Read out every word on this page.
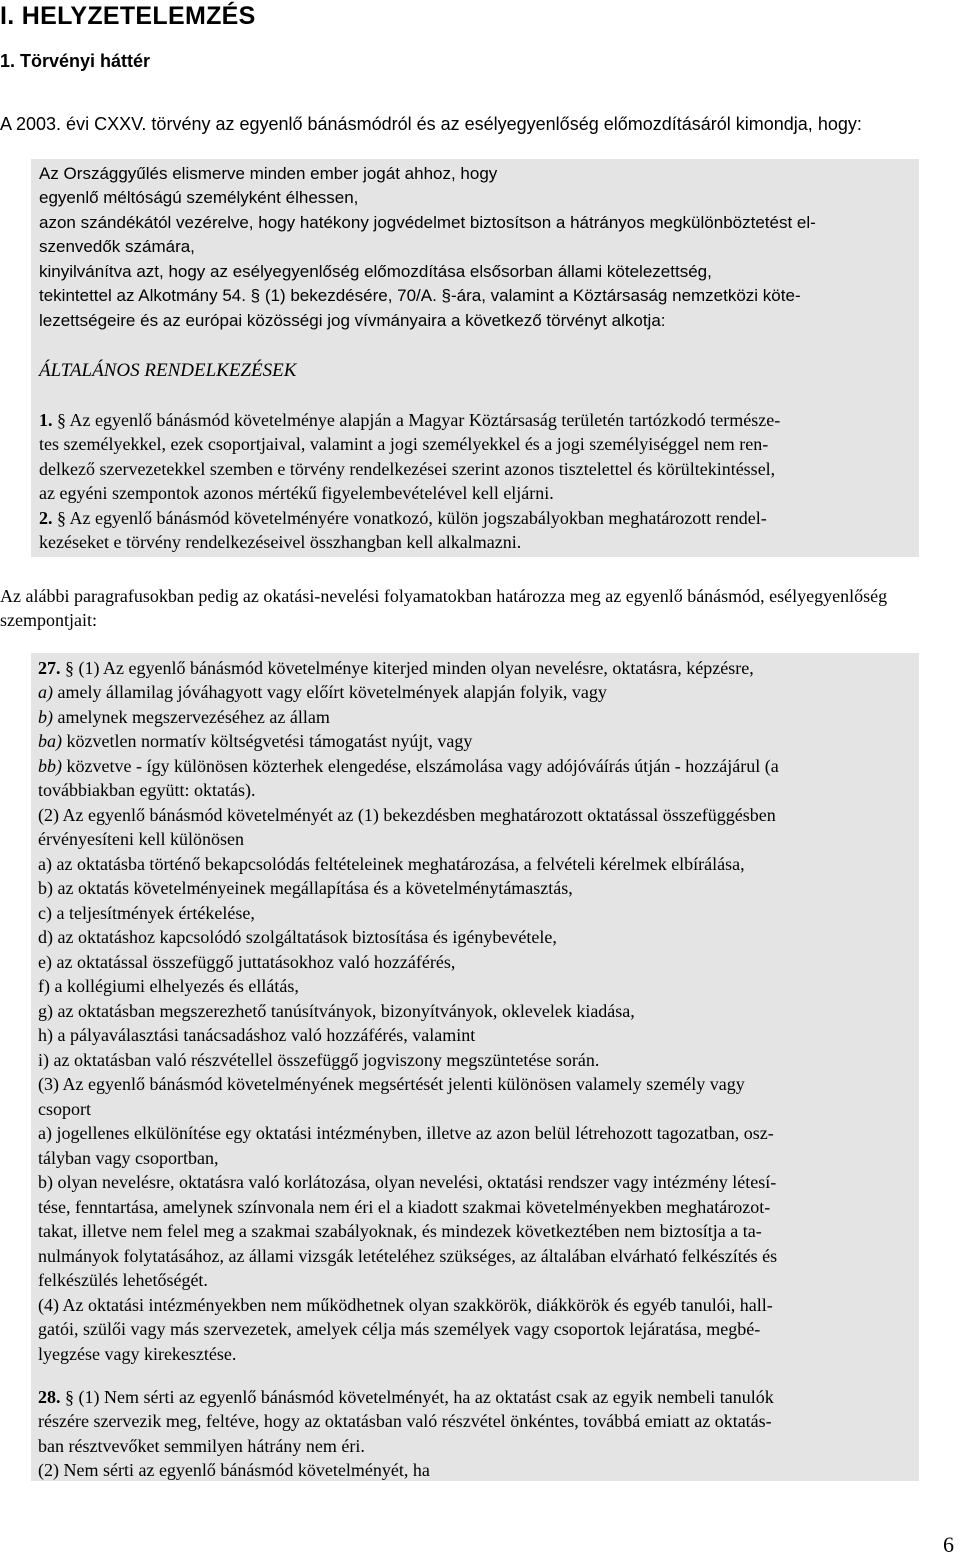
I. HELYZETELEMZÉS
1. Törvényi háttér
A 2003. évi CXXV. törvény az egyenlő bánásmódról és az esélyegyenlőség előmozdításáról kimondja, hogy:
Az Országgyűlés elismerve minden ember jogát ahhoz, hogy
egyenlő méltóságú személyként élhessen,
azon szándékától vezérelve, hogy hatékony jogvédelmet biztosítson a hátrányos megkülönböztetést el-
szenvedők számára,
kinyilvánítva azt, hogy az esélyegyenlőség előmozdítása elsősorban állami kötelezettség,
tekintettel az Alkotmány 54. § (1) bekezdésére, 70/A. §-ára, valamint a Köztársaság nemzetközi köte-
lezettségeire és az európai közösségi jog vívmányaira a következő törvényt alkotja:
ÁLTALÁNOS RENDELKEZÉSEK
1. § Az egyenlő bánásmód követelménye alapján a Magyar Köztársaság területén tartózkodó természe-
tes személyekkel, ezek csoportjaival, valamint a jogi személyekkel és a jogi személyiséggel nem ren-
delkező szervezetekkel szemben e törvény rendelkezései szerint azonos tisztelettel és körültekintéssel,
az egyéni szempontok azonos mértékű figyelembevételével kell eljárni.
2. § Az egyenlő bánásmód követelményére vonatkozó, külön jogszabályokban meghatározott rendel-
kezéseket e törvény rendelkezéseivel összhangban kell alkalmazni.
Az alábbi paragrafusokban pedig az okatási-nevelési folyamatokban határozza meg az egyenlő bánásmód, esélyegyenlőség szempontjait:
27. § (1) Az egyenlő bánásmód követelménye kiterjed minden olyan nevelésre, oktatásra, képzésre,
a) amely államilag jóváhagyott vagy előírt követelmények alapján folyik, vagy
b) amelynek megszervezéséhez az állam
ba) közvetlen normatív költségvetési támogatást nyújt, vagy
bb) közvetve - így különösen közterhek elengedése, elszámolása vagy adójóváírás útján - hozzájárul (a
továbbiakban együtt: oktatás).
(2) Az egyenlő bánásmód követelményét az (1) bekezdésben meghatározott oktatással összefüggésben
érvényesíteni kell különösen
a) az oktatásba történő bekapcsolódás feltételeinek meghatározása, a felvételi kérelmek elbírálása,
b) az oktatás követelményeinek megállapítása és a követelménytámasztás,
c) a teljesítmények értékelése,
d) az oktatáshoz kapcsolódó szolgáltatások biztosítása és igénybevétele,
e) az oktatással összefüggő juttatásokhoz való hozzáférés,
f) a kollégiumi elhelyezés és ellátás,
g) az oktatásban megszerezhető tanúsítványok, bizonyítványok, oklevelek kiadása,
h) a pályaválasztási tanácsadáshoz való hozzáférés, valamint
i) az oktatásban való részvétellel összefüggő jogviszony megszüntetése során.
(3) Az egyenlő bánásmód követelményének megsértését jelenti különösen valamely személy vagy
csoport
a) jogellenes elkülönítése egy oktatási intézményben, illetve az azon belül létrehozott tagozatban, osz-
tályban vagy csoportban,
b) olyan nevelésre, oktatásra való korlátozása, olyan nevelési, oktatási rendszer vagy intézmény létesí-
tése, fenntartása, amelynek színvonala nem éri el a kiadott szakmai követelményekben meghatározot-
takat, illetve nem felel meg a szakmai szabályoknak, és mindezek következtében nem biztosítja a ta-
nulmányok folytatásához, az állami vizsgák letételéhez szükséges, az általában elvárható felkészítés és
felkészülés lehetőségét.
(4) Az oktatási intézményekben nem működhetnek olyan szakkörök, diákkörök és egyéb tanulói, hall-
gatói, szülői vagy más szervezetek, amelyek célja más személyek vagy csoportok lejáratása, megbé-
lyegzése vagy kirekesztése.
28. § (1) Nem sérti az egyenlő bánásmód követelményét, ha az oktatást csak az egyik nembeli tanulók
részére szervezik meg, feltéve, hogy az oktatásban való részvétel önkéntes, továbbá emiatt az oktatás-
ban résztvevőket semmilyen hátrány nem éri.
(2) Nem sérti az egyenlő bánásmód követelményét, ha
6
